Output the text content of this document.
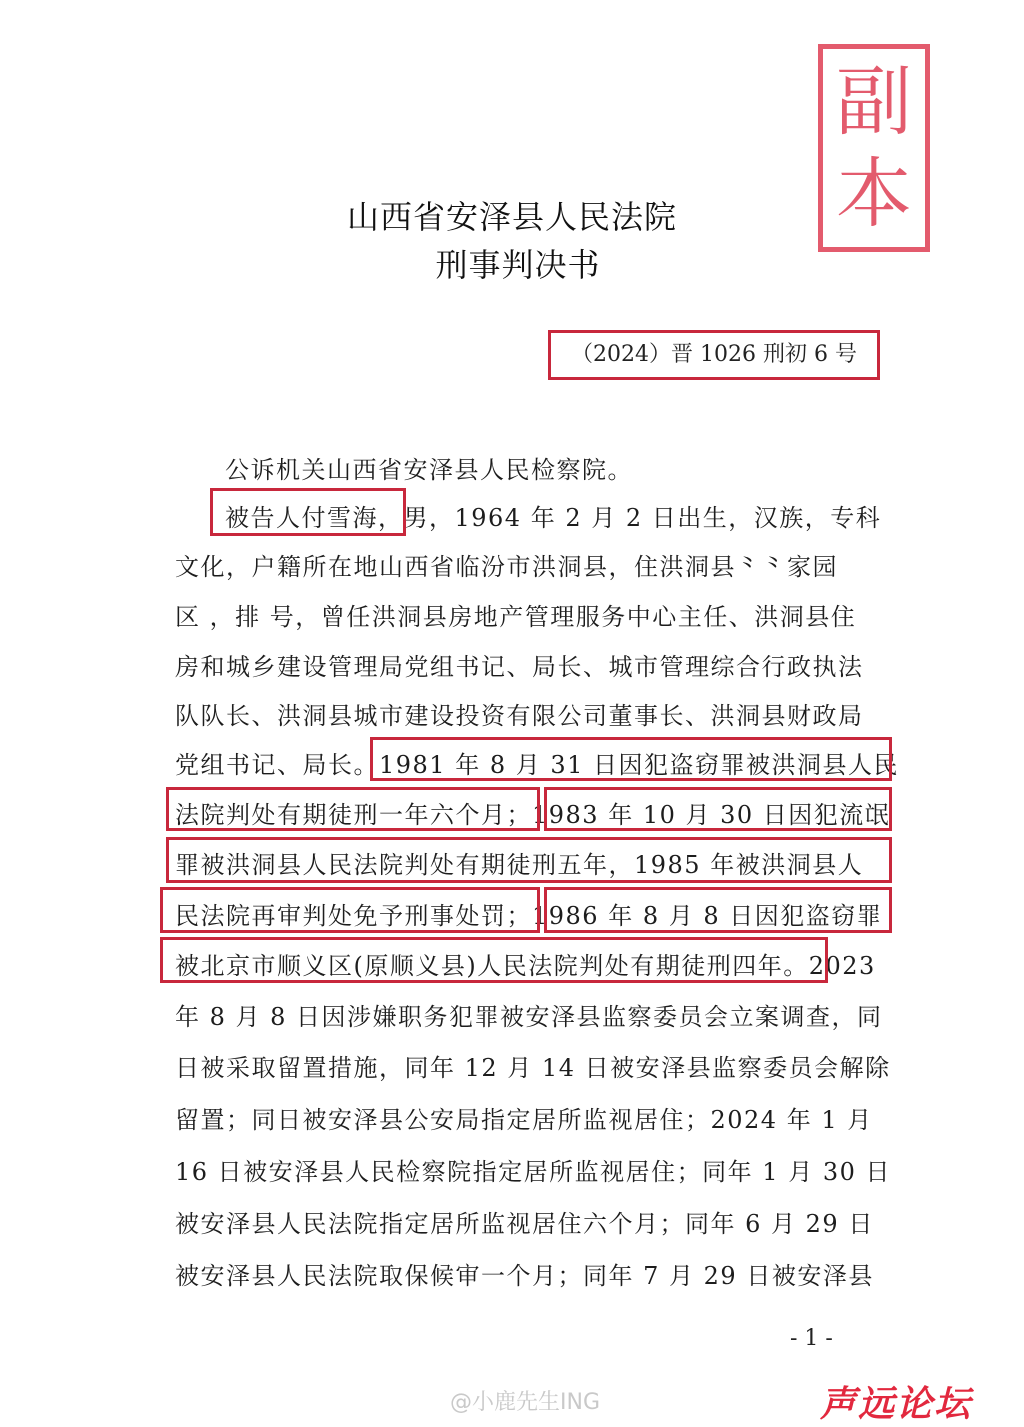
副
本
山西省安泽县人民法院
刑事判决书
（2024）晋 1026 刑初 6 号
公诉机关山西省安泽县人民检察院。
被告人付雪海，男，1964 年 2 月 2 日出生，汉族，专科
文化，户籍所在地山西省临汾市洪洞县，住洪洞县⺀⺀家园
区 ，排 号，曾任洪洞县房地产管理服务中心主任、洪洞县住
房和城乡建设管理局党组书记、局长、城市管理综合行政执法
队队长、洪洞县城市建设投资有限公司董事长、洪洞县财政局
党组书记、局长。1981 年 8 月 31 日因犯盗窃罪被洪洞县人民
法院判处有期徒刑一年六个月；1983 年 10 月 30 日因犯流氓
罪被洪洞县人民法院判处有期徒刑五年，1985 年被洪洞县人
民法院再审判处免予刑事处罚；1986 年 8 月 8 日因犯盗窃罪
被北京市顺义区(原顺义县)人民法院判处有期徒刑四年。2023
年 8 月 8 日因涉嫌职务犯罪被安泽县监察委员会立案调查，同
日被采取留置措施，同年 12 月 14 日被安泽县监察委员会解除
留置；同日被安泽县公安局指定居所监视居住；2024 年 1 月
16 日被安泽县人民检察院指定居所监视居住；同年 1 月 30 日
被安泽县人民法院指定居所监视居住六个月；同年 6 月 29 日
被安泽县人民法院取保候审一个月；同年 7 月 29 日被安泽县
- 1 -
@小鹿先生ING	声远论坛
